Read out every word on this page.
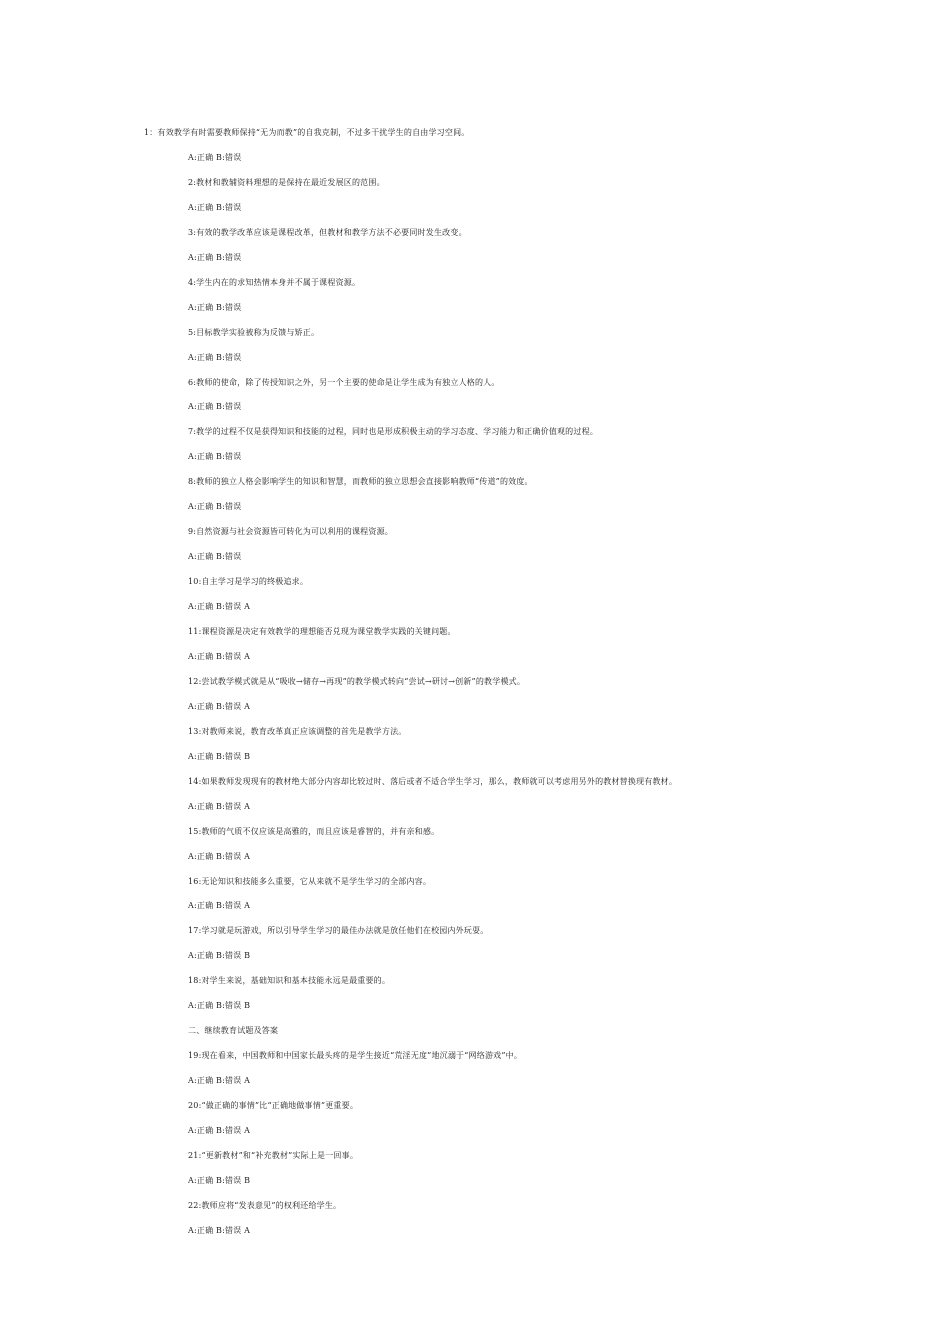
1：有效教学有时需要教师保持“无为而教”的自我克制，不过多干扰学生的自由学习空间。
A:正确 B:错误
2:教材和教辅资料理想的是保持在最近发展区的范围。
A:正确 B:错误
3:有效的教学改革应该是课程改革，但教材和教学方法不必要同时发生改变。
A:正确 B:错误
4:学生内在的求知热情本身并不属于课程资源。
A:正确 B:错误
5:目标教学实验被称为反馈与矫正。
A:正确 B:错误
6:教师的使命，除了传授知识之外，另一个主要的使命是让学生成为有独立人格的人。
A:正确 B:错误
7:教学的过程不仅是获得知识和技能的过程，同时也是形成积极主动的学习态度、学习能力和正确价值观的过程。
A:正确 B:错误
8:教师的独立人格会影响学生的知识和智慧，而教师的独立思想会直接影响教师“传道”的效度。
A:正确 B:错误
9:自然资源与社会资源皆可转化为可以利用的课程资源。
A:正确 B:错误
10:自主学习是学习的终极追求。
A:正确 B:错误 A
11:课程资源是决定有效教学的理想能否兑现为课堂教学实践的关键问题。
A:正确 B:错误 A
12:尝试教学模式就是从“吸收→储存→再现”的教学模式转向“尝试→研讨→创新”的教学模式。
A:正确 B:错误 A
13:对教师来说，教育改革真正应该调整的首先是教学方法。
A:正确 B:错误 B
14:如果教师发现现有的教材绝大部分内容却比较过时、落后或者不适合学生学习，那么，教师就可以考虑用另外的教材替换现有教材。
A:正确 B:错误 A
15:教师的气质不仅应该是高雅的，而且应该是睿智的，并有亲和感。
A:正确 B:错误 A
16:无论知识和技能多么重要，它从来就不是学生学习的全部内容。
A:正确 B:错误 A
17:学习就是玩游戏，所以引导学生学习的最佳办法就是放任他们在校园内外玩耍。
A:正确 B:错误 B
18:对学生来说，基础知识和基本技能永远是最重要的。
A:正确 B:错误 B
二、继续教育试题及答案
19:现在看来，中国教师和中国家长最头疼的是学生接近“荒淫无度”地沉溺于“网络游戏”中。
A:正确 B:错误 A
20:“做正确的事情”比“正确地做事情”更重要。
A:正确 B:错误 A
21:“更新教材”和“补充教材”实际上是一回事。
A:正确 B:错误 B
22:教师应将“发表意见”的权利还给学生。
A:正确 B:错误 A
